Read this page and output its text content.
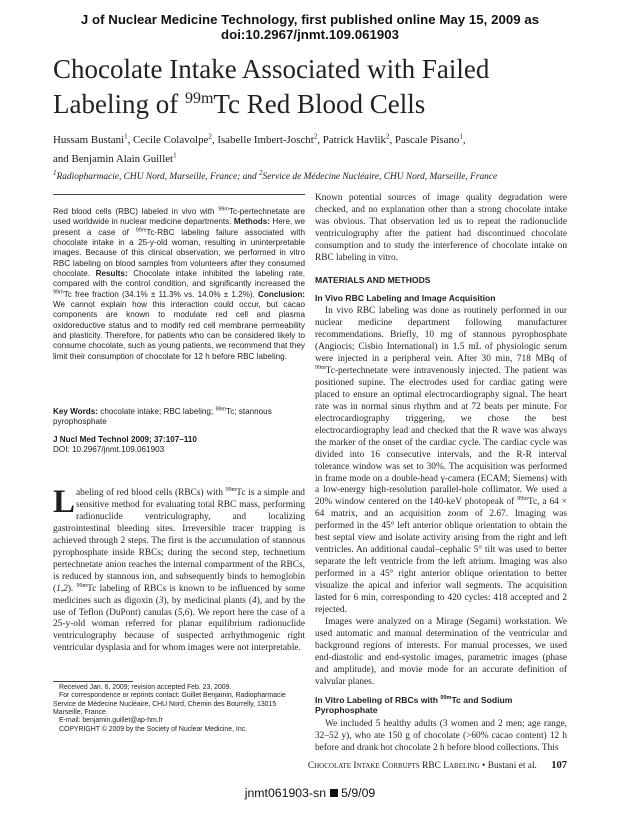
J of Nuclear Medicine Technology, first published online May 15, 2009 as doi:10.2967/jnmt.109.061903
Chocolate Intake Associated with Failed
Labeling of $^{99m}$Tc Red Blood Cells
Hussam Bustani$^1$, Cecile Colavolpe$^2$, Isabelle Imbert-Joscht$^2$, Patrick Havlik$^2$, Pascale Pisano$^1$,
and Benjamin Alain Guillet$^1$
$^1$Radiopharmacie, CHU Nord, Marseille, France; and $^2$Service de Médecine Nucléaire, CHU Nord, Marseille, France
Red blood cells (RBC) labeled in vivo with $^{99m}$Tc-pertechnetate are used worldwide in nuclear medicine departments. Methods: Here, we present a case of $^{99m}$Tc-RBC labeling failure associated with chocolate intake in a 25-y-old woman, resulting in uninterpretable images. Because of this clinical observation, we performed in vitro RBC labeling on blood samples from volunteers after they consumed chocolate. Results: Chocolate intake inhibited the labeling rate, compared with the control condition, and significantly increased the $^{99m}$Tc free fraction (34.1% ± 11.3% vs. 14.0% ± 1.2%). Conclusion: We cannot explain how this interaction could occur, but cacao components are known to modulate red cell and plasma oxidoreductive status and to modify red cell membrane permeability and plasticity. Therefore, for patients who can be considered likely to consume chocolate, such as young patients, we recommend that they limit their consumption of chocolate for 12 h before RBC labeling.
Key Words: chocolate intake; RBC labeling; $^{99m}$Tc; stannous pyrophosphate
J Nucl Med Technol 2009; 37:107–110
DOI: 10.2967/jnmt.109.061903
Labeling of red blood cells (RBCs) with $^{99m}$Tc is a simple and sensitive method for evaluating total RBC mass, performing radionuclide ventriculography, and localizing gastrointestinal bleeding sites. Irreversible tracer trapping is achieved through 2 steps. The first is the accumulation of stannous pyrophosphate inside RBCs; during the second step, technetium pertechnetate anion reaches the internal compartment of the RBCs, is reduced by stannous ion, and subsequently binds to hemoglobin (1,2). $^{99m}$Tc labeling of RBCs is known to be influenced by some medicines such as digoxin (3), by medicinal plants (4), and by the use of Teflon (DuPont) canulas (5,6). We report here the case of a 25-y-old woman referred for planar equilibrium radionuclide ventriculography because of suspected arrhythmogenic right ventricular dysplasia and for whom images were not interpretable.

Received Jan. 6, 2009; revision accepted Feb. 23, 2009.

For correspondence or reprints contact: Guillet Benjamin, Radiopharmacie Service de Médecine Nucléaire, CHU Nord, Chemin des Bourrelly, 13015 Marseille, France.

E-mail: benjamin.guillet@ap-hm.fr

COPYRIGHT © 2009 by the Society of Nuclear Medicine, Inc.

Known potential sources of image quality degradation were checked, and no explanation other than a strong chocolate intake was obvious. That observation led us to repeat the radionuclide ventriculography after the patient had discontinued chocolate consumption and to study the interference of chocolate intake on RBC labeling in vitro.

MATERIALS AND METHODS

In Vivo RBC Labeling and Image Acquisition

In vivo RBC labeling was done as routinely performed in our nuclear medicine department following manufacturer recommendations. Briefly, 10 mg of stannous pyrophosphate (Angiocis; Cisbio International) in 1.5 mL of physiologic serum were injected in a peripheral vein. After 30 min, 718 MBq of $^{99m}$Tc-pertechnetate were intravenously injected. The patient was positioned supine. The electrodes used for cardiac gating were placed to ensure an optimal electrocardiography signal. The heart rate was in normal sinus rhythm and at 72 beats per minute. For electrocardiography triggering, we chose the best electrocardiography lead and checked that the R wave was always the marker of the onset of the cardiac cycle. The cardiac cycle was divided into 16 consecutive intervals, and the R-R interval tolerance window was set to 30%. The acquisition was performed in frame mode on a double-head γ-camera (ECAM; Siemens) with a low-energy high-resolution parallel-hole collimator. We used a 20% window centered on the 140-keV photopeak of $^{99m}$Tc, a 64 × 64 matrix, and an acquisition zoom of 2.67. Imaging was performed in the 45° left anterior oblique orientation to obtain the best septal view and isolate activity arising from the right and left ventricles. An additional caudal–cephalic 5° tilt was used to better separate the left ventricle from the left atrium. Imaging was also performed in a 45° right anterior oblique orientation to better visualize the apical and inferior wall segments. The acquisition lasted for 6 min, corresponding to 420 cycles: 418 accepted and 2 rejected.

Images were analyzed on a Mirage (Segami) workstation. We used automatic and manual determination of the ventricular and background regions of interests. For manual processes, we used end-diastolic and end-systolic images, parametric images (phase and amplitude), and movie mode for an accurate definition of valvular planes.

In Vitro Labeling of RBCs with $^{99m}$Tc and Sodium Pyrophosphate

We included 5 healthy adults (3 women and 2 men; age range, 32–52 y), who ate 150 g of chocolate (>60% cacao content) 12 h before and drank hot chocolate 2 h before blood collections. This

Chocolate Intake Corrupts RBC Labeling • Bustani et al. 107
jnmt061903-sn 5/9/09
